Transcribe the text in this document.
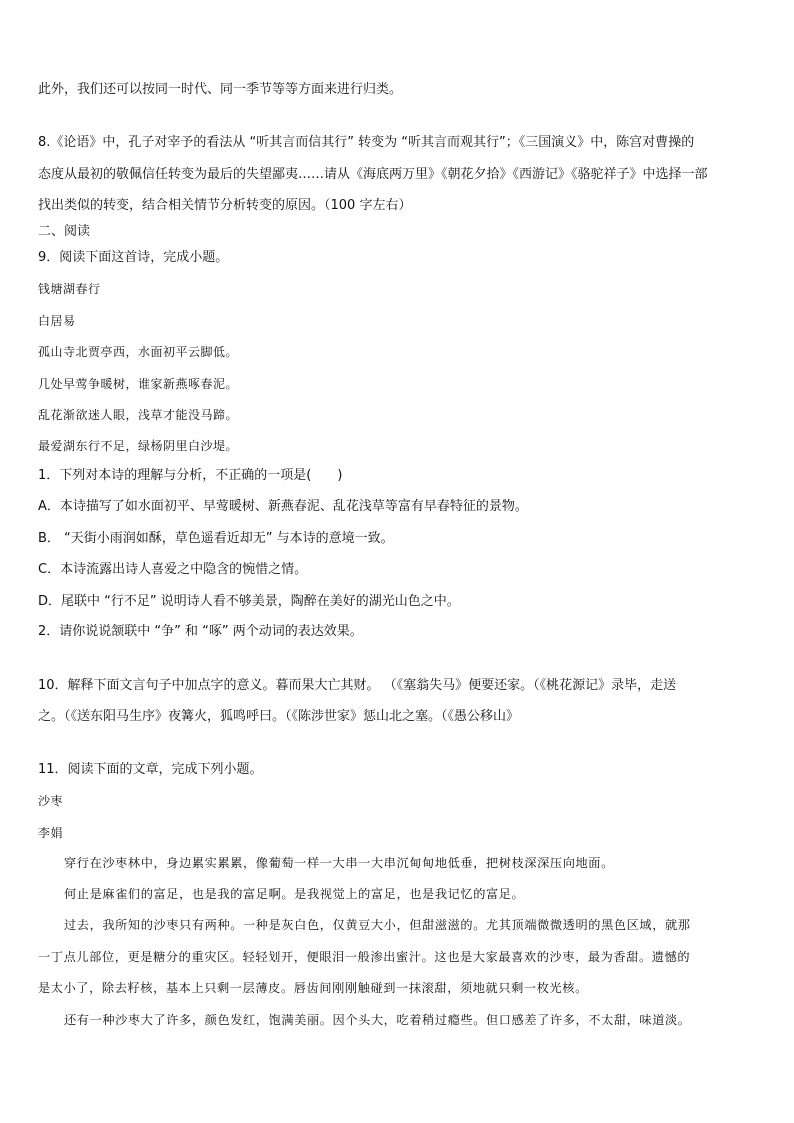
此外，我们还可以按同一时代、同一季节等等方面来进行归类。
8.《论语》中，孔子对宰予的看法从 “听其言而信其行” 转变为 “听其言而观其行”；《三国演义》中，陈宫对曹操的
态度从最初的敬佩信任转变为最后的失望鄙夷……请从《海底两万里》《朝花夕拾》《西游记》《骆驼祥子》中选择一部
找出类似的转变，结合相关情节分析转变的原因。（100 字左右）
二、阅读
9．阅读下面这首诗，完成小题。
钱塘湖春行
白居易
孤山寺北贾亭西，水面初平云脚低。
几处早莺争暖树，谁家新燕啄春泥。
乱花渐欲迷人眼，浅草才能没马蹄。
最爱湖东行不足，绿杨阴里白沙堤。
1．下列对本诗的理解与分析，不正确的一项是(　　)
A．本诗描写了如水面初平、早莺暖树、新燕春泥、乱花浅草等富有早春特征的景物。
B． “天街小雨润如酥，草色遥看近却无” 与本诗的意境一致。
C．本诗流露出诗人喜爱之中隐含的惋惜之情。
D．尾联中 “行不足” 说明诗人看不够美景，陶醉在美好的湖光山色之中。
2．请你说说颔联中 “争” 和 “啄” 两个动词的表达效果。
10．解释下面文言句子中加点字的意义。暮而果大亡其财。 （《塞翁失马》便要还家。（《桃花源记》录毕，走送
之。（《送东阳马生序》夜篝火，狐鸣呼曰。（《陈涉世家》惩山北之塞。（《愚公移山》
11．阅读下面的文章，完成下列小题。
沙枣
李娟
穿行在沙枣林中，身边累实累累，像葡萄一样一大串一大串沉甸甸地低垂，把树枝深深压向地面。
何止是麻雀们的富足，也是我的富足啊。是我视觉上的富足，也是我记忆的富足。
过去，我所知的沙枣只有两种。一种是灰白色，仅黄豆大小，但甜滋滋的。尤其顶端微微透明的黑色区域，就那
一丁点儿部位，更是糖分的重灾区。轻轻划开，便眼泪一般渗出蜜汁。这也是大家最喜欢的沙枣，最为香甜。遗憾的
是太小了，除去籽核，基本上只剩一层薄皮。唇齿间刚刚触碰到一抹滚甜，须地就只剩一枚光核。
还有一种沙枣大了许多，颜色发红，饱满美丽。因个头大，吃着稍过瘾些。但口感差了许多，不太甜，味道淡。
